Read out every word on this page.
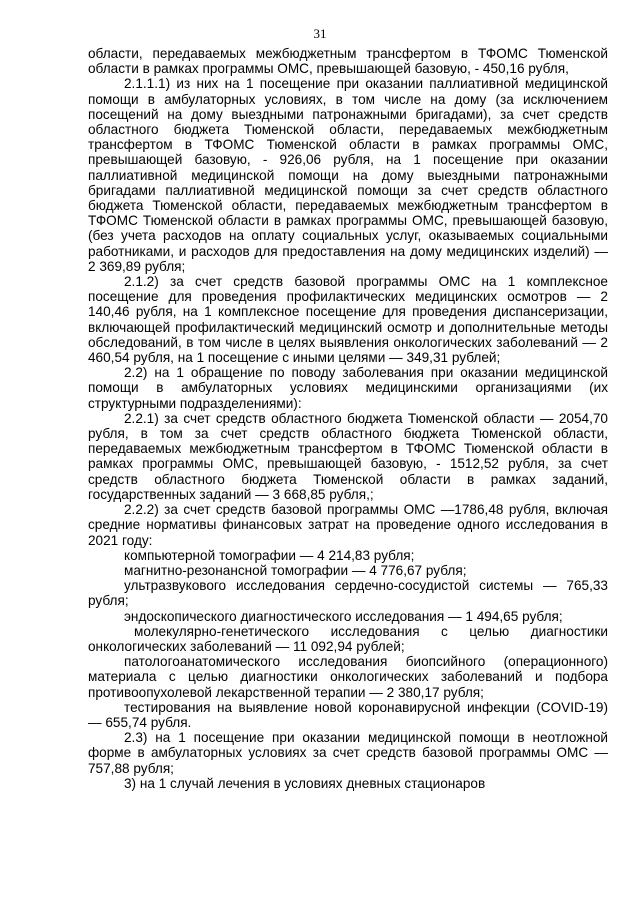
31

области, передаваемых межбюджетным трансфертом в ТФОМС Тюменской области в рамках программы ОМС, превышающей базовую, - 450,16 рубля,

2.1.1.1) из них на 1 посещение при оказании паллиативной медицинской помощи в амбулаторных условиях, в том числе на дому (за исключением посещений на дому выездными патронажными бригадами), за счет средств областного бюджета Тюменской области, передаваемых межбюджетным трансфертом в ТФОМС Тюменской области в рамках программы ОМС, превышающей базовую, - 926,06 рубля, на 1 посещение при оказании паллиативной медицинской помощи на дому выездными патронажными бригадами паллиативной медицинской помощи за счет средств областного бюджета Тюменской области, передаваемых межбюджетным трансфертом в ТФОМС Тюменской области в рамках программы ОМС, превышающей базовую, (без учета расходов на оплату социальных услуг, оказываемых социальными работниками, и расходов для предоставления на дому медицинских изделий) — 2 369,89 рубля;

2.1.2) за счет средств базовой программы ОМС на 1 комплексное посещение для проведения профилактических медицинских осмотров — 2 140,46 рубля, на 1 комплексное посещение для проведения диспансеризации, включающей профилактический медицинский осмотр и дополнительные методы обследований, в том числе в целях выявления онкологических заболеваний — 2 460,54 рубля, на 1 посещение с иными целями — 349,31 рублей;

2.2) на 1 обращение по поводу заболевания при оказании медицинской помощи в амбулаторных условиях медицинскими организациями (их структурными подразделениями):

2.2.1) за счет средств областного бюджета Тюменской области — 2054,70 рубля, в том за счет средств областного бюджета Тюменской области, передаваемых межбюджетным трансфертом в ТФОМС Тюменской области в рамках программы ОМС, превышающей базовую, - 1512,52 рубля, за счет средств областного бюджета Тюменской области в рамках заданий, государственных заданий — 3 668,85 рубля,;

2.2.2) за счет средств базовой программы ОМС —1786,48 рубля, включая средние нормативы финансовых затрат на проведение одного исследования в 2021 году:

компьютерной томографии — 4 214,83 рубля;

магнитно-резонансной томографии — 4 776,67 рубля;

ультразвукового исследования сердечно-сосудистой системы — 765,33 рубля;

эндоскопического диагностического исследования — 1 494,65 рубля;

молекулярно-генетического исследования с целью диагностики онкологических заболеваний — 11 092,94 рублей;

патологоанатомического исследования биопсийного (операционного) материала с целью диагностики онкологических заболеваний и подбора противоопухолевой лекарственной терапии — 2 380,17 рубля;

тестирования на выявление новой коронавирусной инфекции (COVID-19) — 655,74 рубля.

2.3) на 1 посещение при оказании медицинской помощи в неотложной форме в амбулаторных условиях за счет средств базовой программы ОМС — 757,88 рубля;

3) на 1 случай лечения в условиях дневных стационаров
